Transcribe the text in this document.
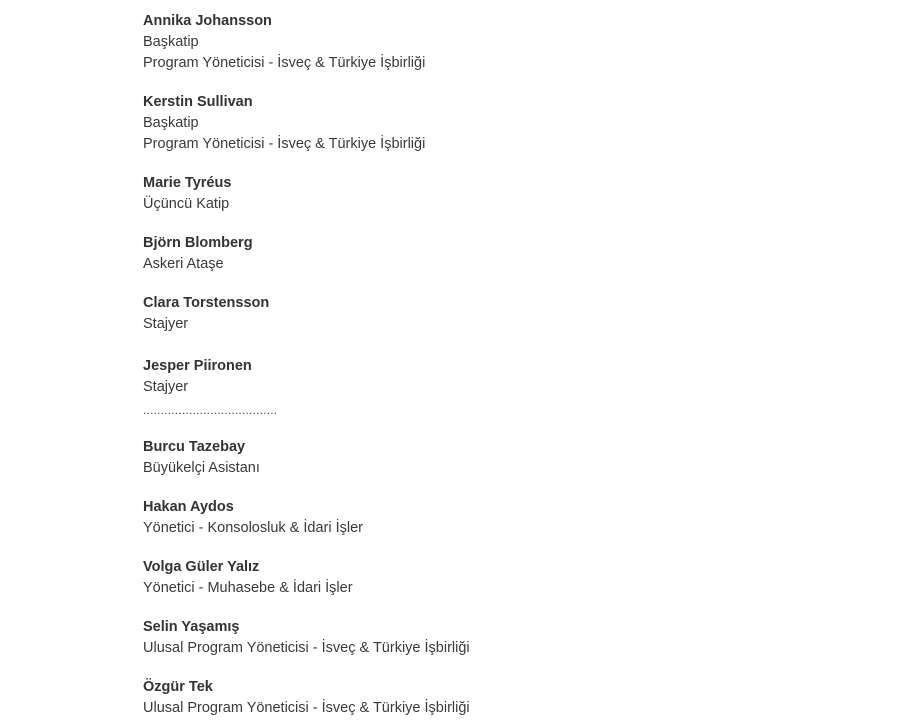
Annika Johansson
Başkatip
Program Yöneticisi - İsveç & Türkiye İşbirliği
Kerstin Sullivan
Başkatip
Program Yöneticisi - İsveç & Türkiye İşbirliği
Marie Tyréus
Üçüncü Katip
Björn Blomberg
Askeri Ataşe
Clara Torstensson
Stajyer
Jesper Piironen
Stajyer
......................................
Burcu Tazebay
Büyükelçi Asistanı
Hakan Aydos
Yönetici - Konsolosluk & İdari İşler
Volga Güler Yalız
Yönetici - Muhasebe & İdari İşler
Selin Yaşamış
Ulusal Program Yöneticisi - İsveç & Türkiye İşbirliği
Özgür Tek
Ulusal Program Yöneticisi - İsveç & Türkiye İşbirliği
